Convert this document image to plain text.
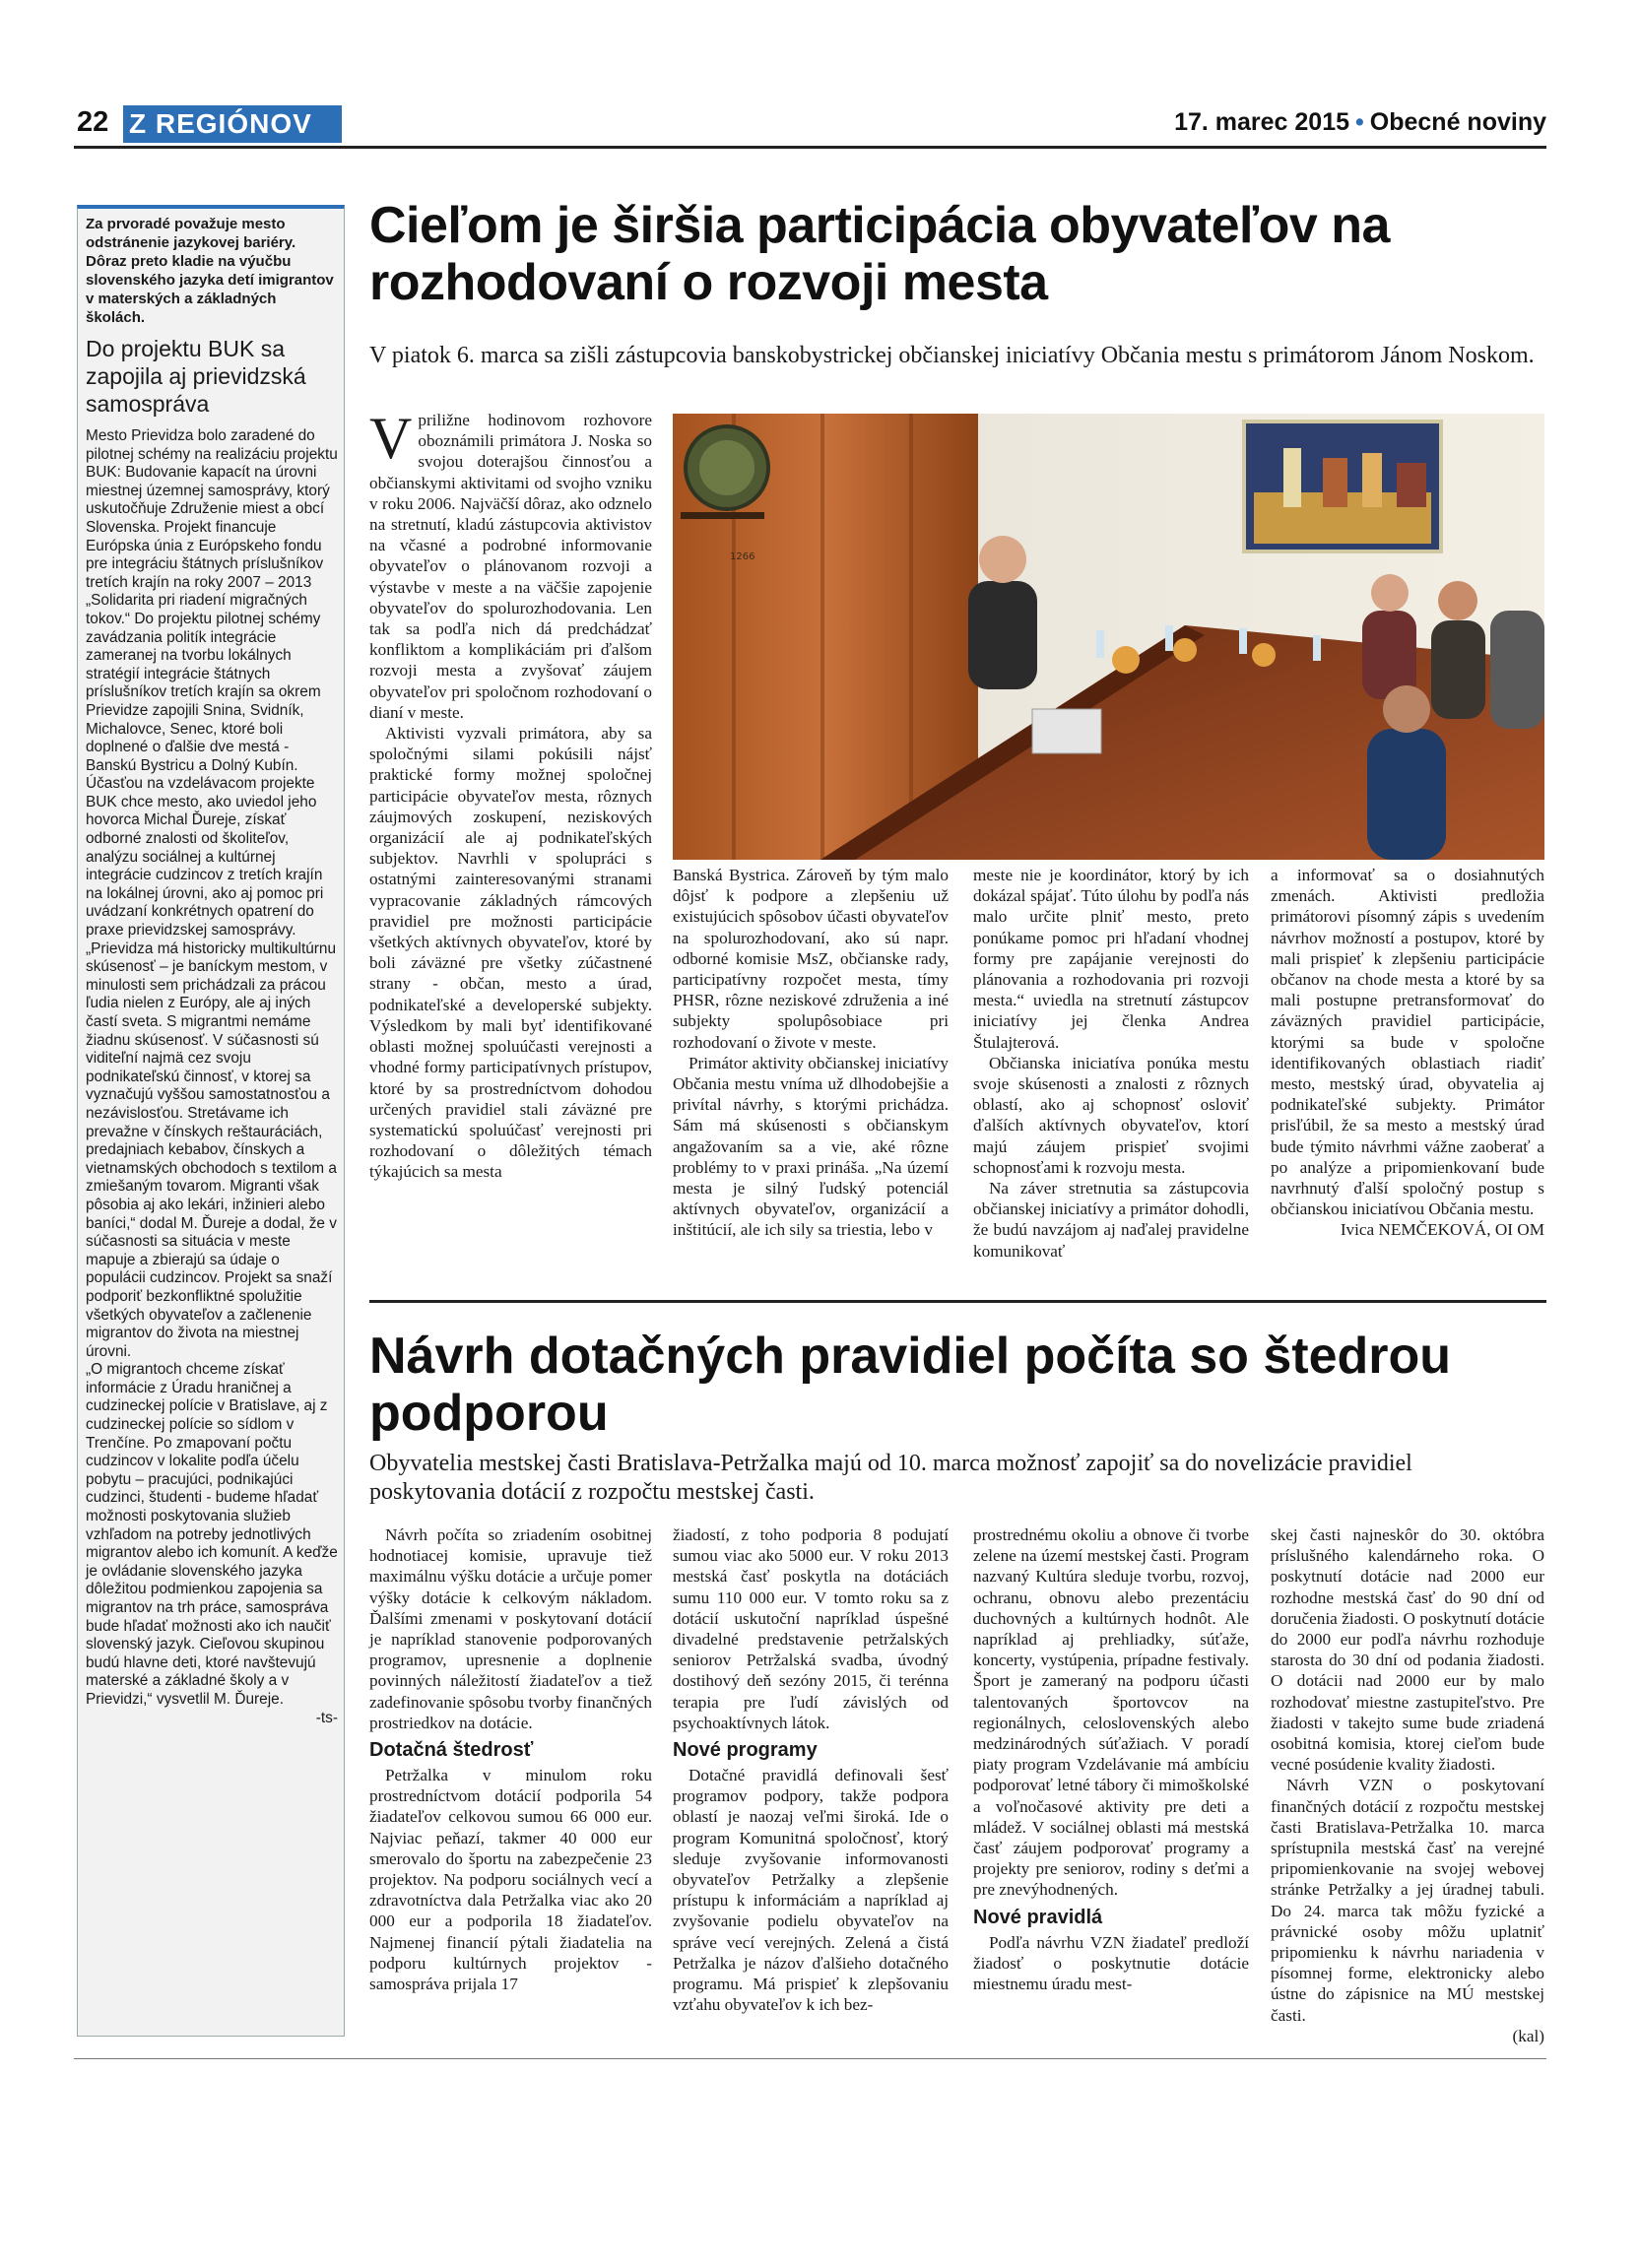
22 Z REGIÓNOV	17. marec 2015 • Obecné noviny

Za prvoradé považuje mesto odstránenie jazykovej bariéry. Dôraz preto kladie na výučbu slovenského jazyka detí imigrantov v materských a základných školách.

Do projektu BUK sa zapojila aj prievidzská samospráva

Mesto Prievidza bolo zaradené do pilotnej schémy na realizáciu projektu BUK: Budovanie kapacít na úrovni miestnej územnej samosprávy, ktorý uskutočňuje Združenie miest a obcí Slovenska. Projekt financuje Európska únia z Európskeho fondu pre integráciu štátnych príslušníkov tretích krajín na roky 2007 – 2013 „Solidarita pri riadení migračných tokov.“ Do projektu pilotnej schémy zavádzania politík integrácie zameranej na tvorbu lokálnych stratégií integrácie štátnych príslušníkov tretích krajín sa okrem Prievidze zapojili Snina, Svidník, Michalovce, Senec, ktoré boli doplnené o ďalšie dve mestá - Banskú Bystricu a Dolný Kubín.

Účasťou na vzdelávacom projekte BUK chce mesto, ako uviedol jeho hovorca Michal Ďureje, získať odborné znalosti od školiteľov, analýzu sociálnej a kultúrnej integrácie cudzincov z tretích krajín na lokálnej úrovni, ako aj pomoc pri uvádzaní konkrétnych opatrení do praxe prievidzskej samosprávy. „Prievidza má historicky multikultúrnu skúsenosť – je baníckym mestom, v minulosti sem prichádzali za prácou ľudia nielen z Európy, ale aj iných častí sveta. S migrantmi nemáme žiadnu skúsenosť. V súčasnosti sú viditeľní najmä cez svoju podnikateľskú činnosť, v ktorej sa vyznačujú vyššou samostatnosťou a nezávislosťou. Stretávame ich prevažne v čínskych reštauráciách, predajniach kebabov, čínskych a vietnamských obchodoch s textilom a zmiešaným tovarom. Migranti však pôsobia aj ako lekári, inžinieri alebo baníci,“ dodal M. Ďureje a dodal, že v súčasnosti sa situácia v meste mapuje a zbierajú sa údaje o populácii cudzincov. Projekt sa snaží podporiť bezkonfliktné spolužitie všetkých obyvateľov a začlenenie migrantov do života na miestnej úrovni.

„O migrantoch chceme získať informácie z Úradu hraničnej a cudzineckej polície v Bratislave, aj z cudzineckej polície so sídlom v Trenčíne. Po zmapovaní počtu cudzincov v lokalite podľa účelu pobytu – pracujúci, podnikajúci cudzinci, študenti - budeme hľadať možnosti poskytovania služieb vzhľadom na potreby jednotlivých migrantov alebo ich komunít. A keďže je ovládanie slovenského jazyka dôležitou podmienkou zapojenia sa migrantov na trh práce, samospráva bude hľadať možnosti ako ich naučiť slovenský jazyk. Cieľovou skupinou budú hlavne deti, ktoré navštevujú materské a základné školy a v Prievidzi,“ vysvetlil M. Ďureje.

-ts-
Cieľom je širšia participácia obyvateľov na rozhodovaní o rozvoji mesta

V piatok 6. marca sa zišli zástupcovia banskobystrickej občianskej iniciatívy Občania mestu s primátorom Jánom Noskom.

Vpriližne hodinovom rozhovore oboznámili primátora J. Noska so svojou doterajšou činnosťou a občianskymi aktivitami od svojho vzniku v roku 2006. Najväčší dôraz, ako odznelo na stretnutí, kladú zástupcovia aktivistov na včasné a podrobné informovanie obyvateľov o plánovanom rozvoji a výstavbe v meste a na väčšie zapojenie obyvateľov do spolurozhodovania. Len tak sa podľa nich dá predchádzať konfliktom a komplikáciám pri ďalšom rozvoji mesta a zvyšovať záujem obyvateľov pri spoločnom rozhodovaní o dianí v meste.

Aktivisti vyzvali primátora, aby sa spoločnými silami pokúsili nájsť praktické formy možnej spoločnej participácie obyvateľov mesta, rôznych záujmových zoskupení, neziskových organizácií ale aj podnikateľských subjektov. Navrhli v spolupráci s ostatnými zainteresovanými stranami vypracovanie základných rámcových pravidiel pre možnosti participácie všetkých aktívnych obyvateľov, ktoré by boli záväzné pre všetky zúčastnené strany - občan, mesto a úrad, podnikateľské a developerské subjekty. Výsledkom by mali byť identifikované oblasti možnej spoluúčasti verejnosti a vhodné formy participatívnych prístupov, ktoré by sa prostredníctvom dohodou určených pravidiel stali záväzné pre systematickú spoluúčasť verejnosti pri rozhodovaní o dôležitých témach týkajúcich sa mesta

1266

Banská Bystrica. Zároveň by tým malo dôjsť k podpore a zlepšeniu už existujúcich spôsobov účasti obyvateľov na spolurozhodovaní, ako sú napr. odborné komisie MsZ, občianske rady, participatívny rozpočet mesta, tímy PHSR, rôzne neziskové združenia a iné subjekty spolupôsobiace pri rozhodovaní o živote v meste.

Primátor aktivity občianskej iniciatívy Občania mestu vníma už dlhodobejšie a privítal návrhy, s ktorými prichádza. Sám má skúsenosti s občianskym angažovaním sa a vie, aké rôzne problémy to v praxi prináša. „Na území mesta je silný ľudský potenciál aktívnych obyvateľov, organizácií a inštitúcií, ale ich sily sa triestia, lebo v

meste nie je koordinátor, ktorý by ich dokázal spájať. Túto úlohu by podľa nás malo určite plniť mesto, preto ponúkame pomoc pri hľadaní vhodnej formy pre zapájanie verejnosti do plánovania a rozhodovania pri rozvoji mesta.“ uviedla na stretnutí zástupcov iniciatívy jej členka Andrea Štulajterová.

Občianska iniciatíva ponúka mestu svoje skúsenosti a znalosti z rôznych oblastí, ako aj schopnosť osloviť ďalších aktívnych obyvateľov, ktorí majú záujem prispieť svojimi schopnosťami k rozvoju mesta.

Na záver stretnutia sa zástupcovia občianskej iniciatívy a primátor dohodli, že budú navzájom aj naďalej pravidelne komunikovať

a informovať sa o dosiahnutých zmenách. Aktivisti predložia primátorovi písomný zápis s uvedením návrhov možností a postupov, ktoré by mali prispieť k zlepšeniu participácie občanov na chode mesta a ktoré by sa mali postupne pretransformovať do záväzných pravidiel participácie, ktorými sa bude v spoločne identifikovaných oblastiach riadiť mesto, mestský úrad, obyvatelia aj podnikateľské subjekty. Primátor prisľúbil, že sa mesto a mestský úrad bude týmito návrhmi vážne zaoberať a po analýze a pripomienkovaní bude navrhnutý ďalší spoločný postup s občianskou iniciatívou Občania mestu.

Ivica NEMČEKOVÁ, OI OM

Návrh dotačných pravidiel počíta so štedrou podporou

Obyvatelia mestskej časti Bratislava-Petržalka majú od 10. marca možnosť zapojiť sa do novelizácie pravidiel poskytovania dotácií z rozpočtu mestskej časti.

Návrh počíta so zriadením osobitnej hodnotiacej komisie, upravuje tiež maximálnu výšku dotácie a určuje pomer výšky dotácie k celkovým nákladom. Ďalšími zmenami v poskytovaní dotácií je napríklad stanovenie podporovaných programov, upresnenie a doplnenie povinných náležitostí žiadateľov a tiež zadefinovanie spôsobu tvorby finančných prostriedkov na dotácie.

Dotačná štedrosť

Petržalka v minulom roku prostredníctvom dotácií podporila 54 žiadateľov celkovou sumou 66 000 eur. Najviac peňazí, takmer 40 000 eur smerovalo do športu na zabezpečenie 23 projektov. Na podporu sociálnych vecí a zdravotníctva dala Petržalka viac ako 20 000 eur a podporila 18 žiadateľov. Najmenej financií pýtali žiadatelia na podporu kultúrnych projektov - samospráva prijala 17

žiadostí, z toho podporia 8 podujatí sumou viac ako 5000 eur. V roku 2013 mestská časť poskytla na dotáciách sumu 110 000 eur. V tomto roku sa z dotácií uskutoční napríklad úspešné divadelné predstavenie petržalských seniorov Petržalská svadba, úvodný dostihový deň sezóny 2015, či terénna terapia pre ľudí závislých od psychoaktívnych látok.

Nové programy

Dotačné pravidlá definovali šesť programov podpory, takže podpora oblastí je naozaj veľmi široká. Ide o program Komunitná spoločnosť, ktorý sleduje zvyšovanie informovanosti obyvateľov Petržalky a zlepšenie prístupu k informáciám a napríklad aj zvyšovanie podielu obyvateľov na správe vecí verejných. Zelená a čistá Petržalka je názov ďalšieho dotačného programu. Má prispieť k zlepšovaniu vzťahu obyvateľov k ich bez-

prostrednému okoliu a obnove či tvorbe zelene na území mestskej časti. Program nazvaný Kultúra sleduje tvorbu, rozvoj, ochranu, obnovu alebo prezentáciu duchovných a kultúrnych hodnôt. Ale napríklad aj prehliadky, súťaže, koncerty, vystúpenia, prípadne festivaly. Šport je zameraný na podporu účasti talentovaných športovcov na regionálnych, celoslovenských alebo medzinárodných súťažiach. V poradí piaty program Vzdelávanie má ambíciu podporovať letné tábory či mimoškolské a voľnočasové aktivity pre deti a mládež. V sociálnej oblasti má mestská časť záujem podporovať programy a projekty pre seniorov, rodiny s deťmi a pre znevýhodnených.

Nové pravidlá

Podľa návrhu VZN žiadateľ predloží žiadosť o poskytnutie dotácie miestnemu úradu mest-

skej časti najneskôr do 30. októbra príslušného kalendárneho roka. O poskytnutí dotácie nad 2000 eur rozhodne mestská časť do 90 dní od doručenia žiadosti. O poskytnutí dotácie do 2000 eur podľa návrhu rozhoduje starosta do 30 dní od podania žiadosti. O dotácii nad 2000 eur by malo rozhodovať miestne zastupiteľstvo. Pre žiadosti v takejto sume bude zriadená osobitná komisia, ktorej cieľom bude vecné posúdenie kvality žiadosti.

Návrh VZN o poskytovaní finančných dotácií z rozpočtu mestskej časti Bratislava-Petržalka 10. marca sprístupnila mestská časť na verejné pripomienkovanie na svojej webovej stránke Petržalky a jej úradnej tabuli. Do 24. marca tak môžu fyzické a právnické osoby môžu uplatniť pripomienku k návrhu nariadenia v písomnej forme, elektronicky alebo ústne do zápisnice na MÚ mestskej časti.

(kal)
